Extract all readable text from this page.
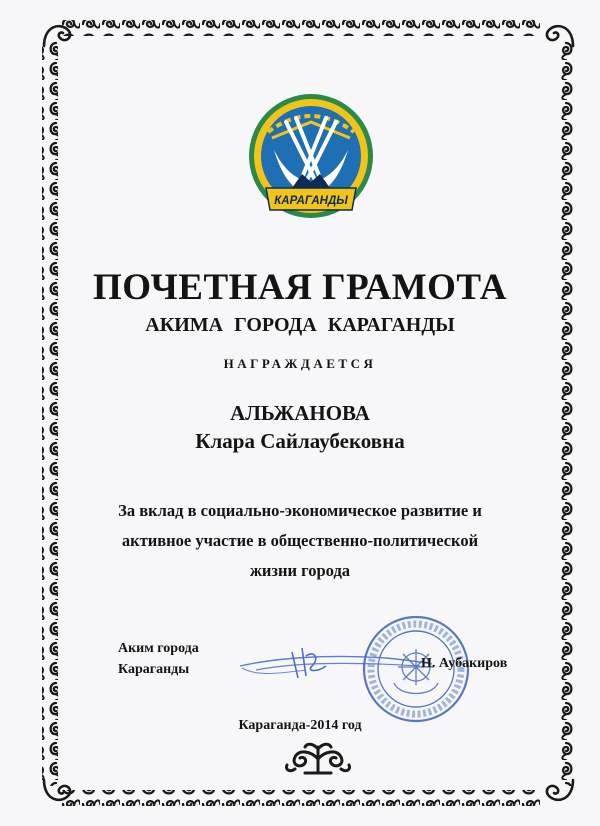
КАРАГАНДЫ
ПОЧЕТНАЯ ГРАМОТА
АКИМА ГОРОДА КАРАГАНДЫ
НАГРАЖДАЕТСЯ
АЛЬЖАНОВА
Клара Сайлаубековна
За вклад в социально-экономическое развитие и
активное участие в общественно-политической
жизни города
Аким города
Караганды	Н. Аубакиров
Караганда-2014 год
